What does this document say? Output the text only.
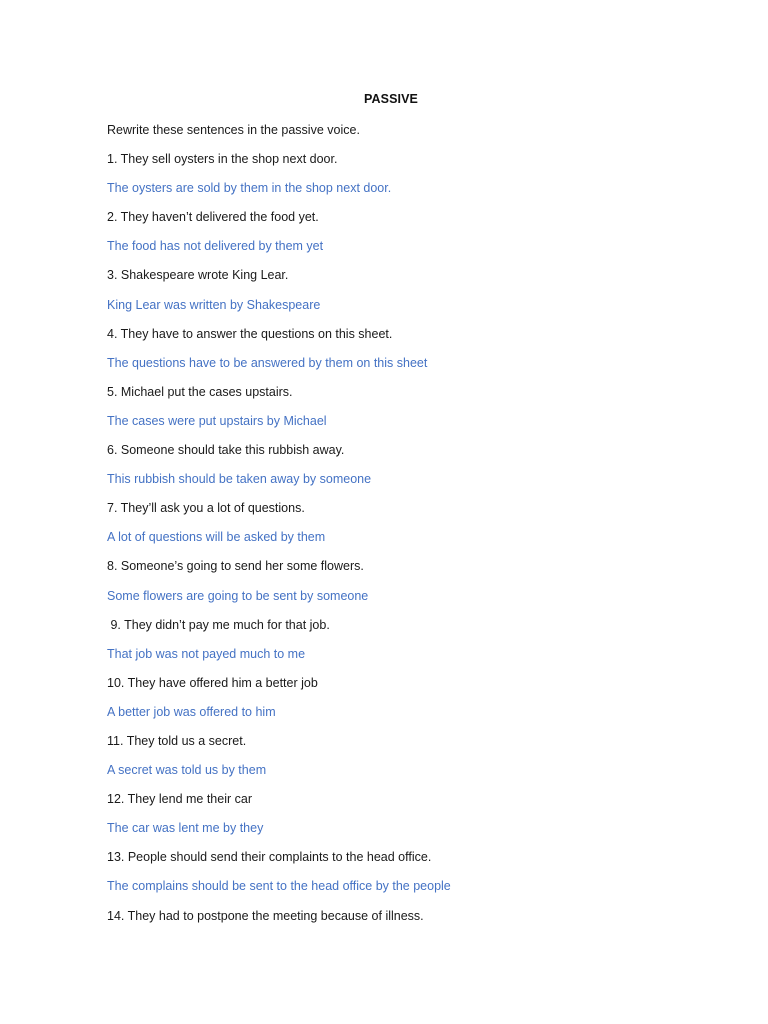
PASSIVE
Rewrite these sentences in the passive voice.
1. They sell oysters in the shop next door.
The oysters are sold by them in the shop next door.
2. They haven’t delivered the food yet.
The food has not delivered by them yet
3. Shakespeare wrote King Lear.
King Lear was written by Shakespeare
4. They have to answer the questions on this sheet.
The questions have to be answered by them on this sheet
5. Michael put the cases upstairs.
The cases were put upstairs by Michael
6. Someone should take this rubbish away.
This rubbish should be taken away by someone
7. They’ll ask you a lot of questions.
A lot of questions will be asked by them
8. Someone’s going to send her some flowers.
Some flowers are going to be sent by someone
9. They didn’t pay me much for that job.
That job was not payed much to me
10. They have offered him a better job
A better job was offered to him
11. They told us a secret.
A secret was told us by them
12. They lend me their car
The car was lent me by they
13. People should send their complaints to the head office.
The complains should be sent to the head office by the people
14. They had to postpone the meeting because of illness.
